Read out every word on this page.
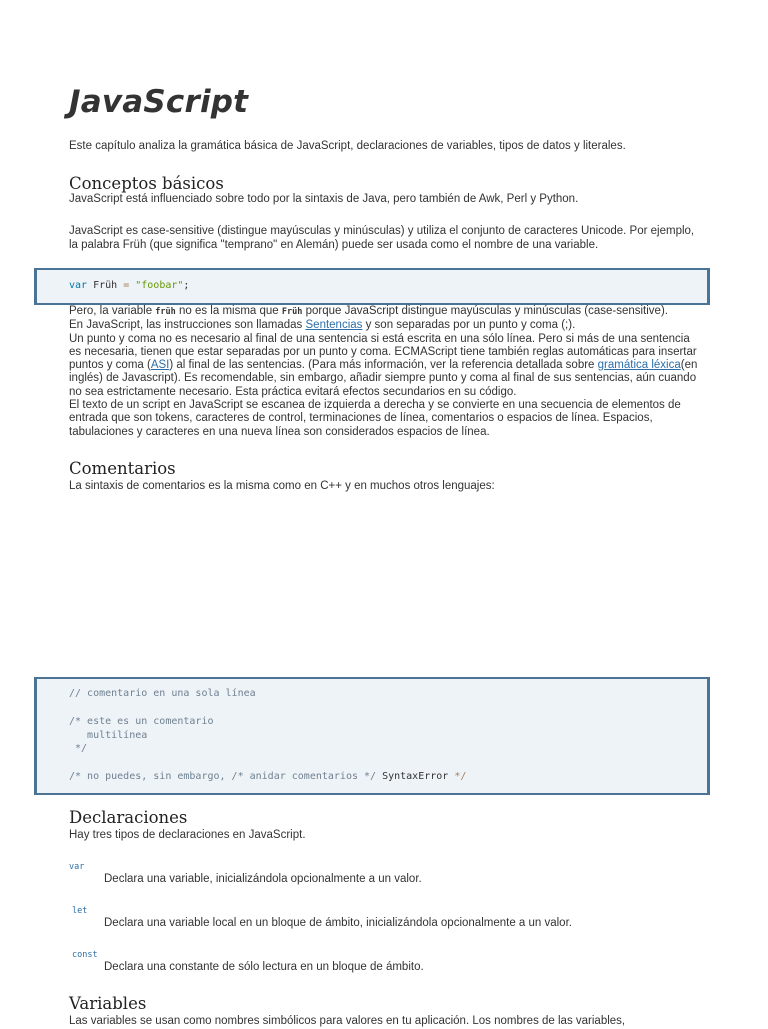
JavaScript

Este capítulo analiza la gramática básica de JavaScript, declaraciones de variables, tipos de datos y literales.

Conceptos básicos

JavaScript está influenciado sobre todo por la sintaxis de Java, pero también de Awk, Perl y Python.

JavaScript es case-sensitive (distingue mayúsculas y minúsculas) y utiliza el conjunto de caracteres Unicode. Por ejemplo,
la palabra Früh (que significa "temprano" en Alemán) puede ser usada como el nombre de una variable.

var Früh = "foobar";
Pero, la variable früh no es la misma que Früh porque JavaScript distingue mayúsculas y minúsculas (case-sensitive).
En JavaScript, las instrucciones son llamadas Sentencias y son separadas por un punto y coma (;).
Un punto y coma no es necesario al final de una sentencia si está escrita en una sólo línea. Pero si más de una sentencia
es necesaria, tienen que estar separadas por un punto y coma. ECMAScript tiene también reglas automáticas para insertar
puntos y coma (ASI) al final de las sentencias. (Para más información, ver la referencia detallada sobre gramática léxica(en
inglés) de Javascript). Es recomendable, sin embargo, añadir siempre punto y coma al final de sus sentencias, aún cuando
no sea estrictamente necesario. Esta práctica evitará efectos secundarios en su código.
El texto de un script en JavaScript se escanea de izquierda a derecha y se convierte en una secuencia de elementos de
entrada que son tokens, caracteres de control, terminaciones de línea, comentarios o espacios de línea. Espacios,
tabulaciones y caracteres en una nueva línea son considerados espacios de línea.
Comentarios

La sintaxis de comentarios es la misma como en C++ y en muchos otros lenguajes:

// comentario en una sola línea
/* este es un comentario
multilínea
*/
/* no puedes, sin embargo, /* anidar comentarios */ SyntaxError */
Declaraciones

Hay tres tipos de declaraciones en JavaScript.

var
Declara una variable, inicializándola opcionalmente a un valor.
let
Declara una variable local en un bloque de ámbito, inicializándola opcionalmente a un valor.
const
Declara una constante de sólo lectura en un bloque de ámbito.
Variables

Las variables se usan como nombres simbólicos para valores en tu aplicación. Los nombres de las variables,
